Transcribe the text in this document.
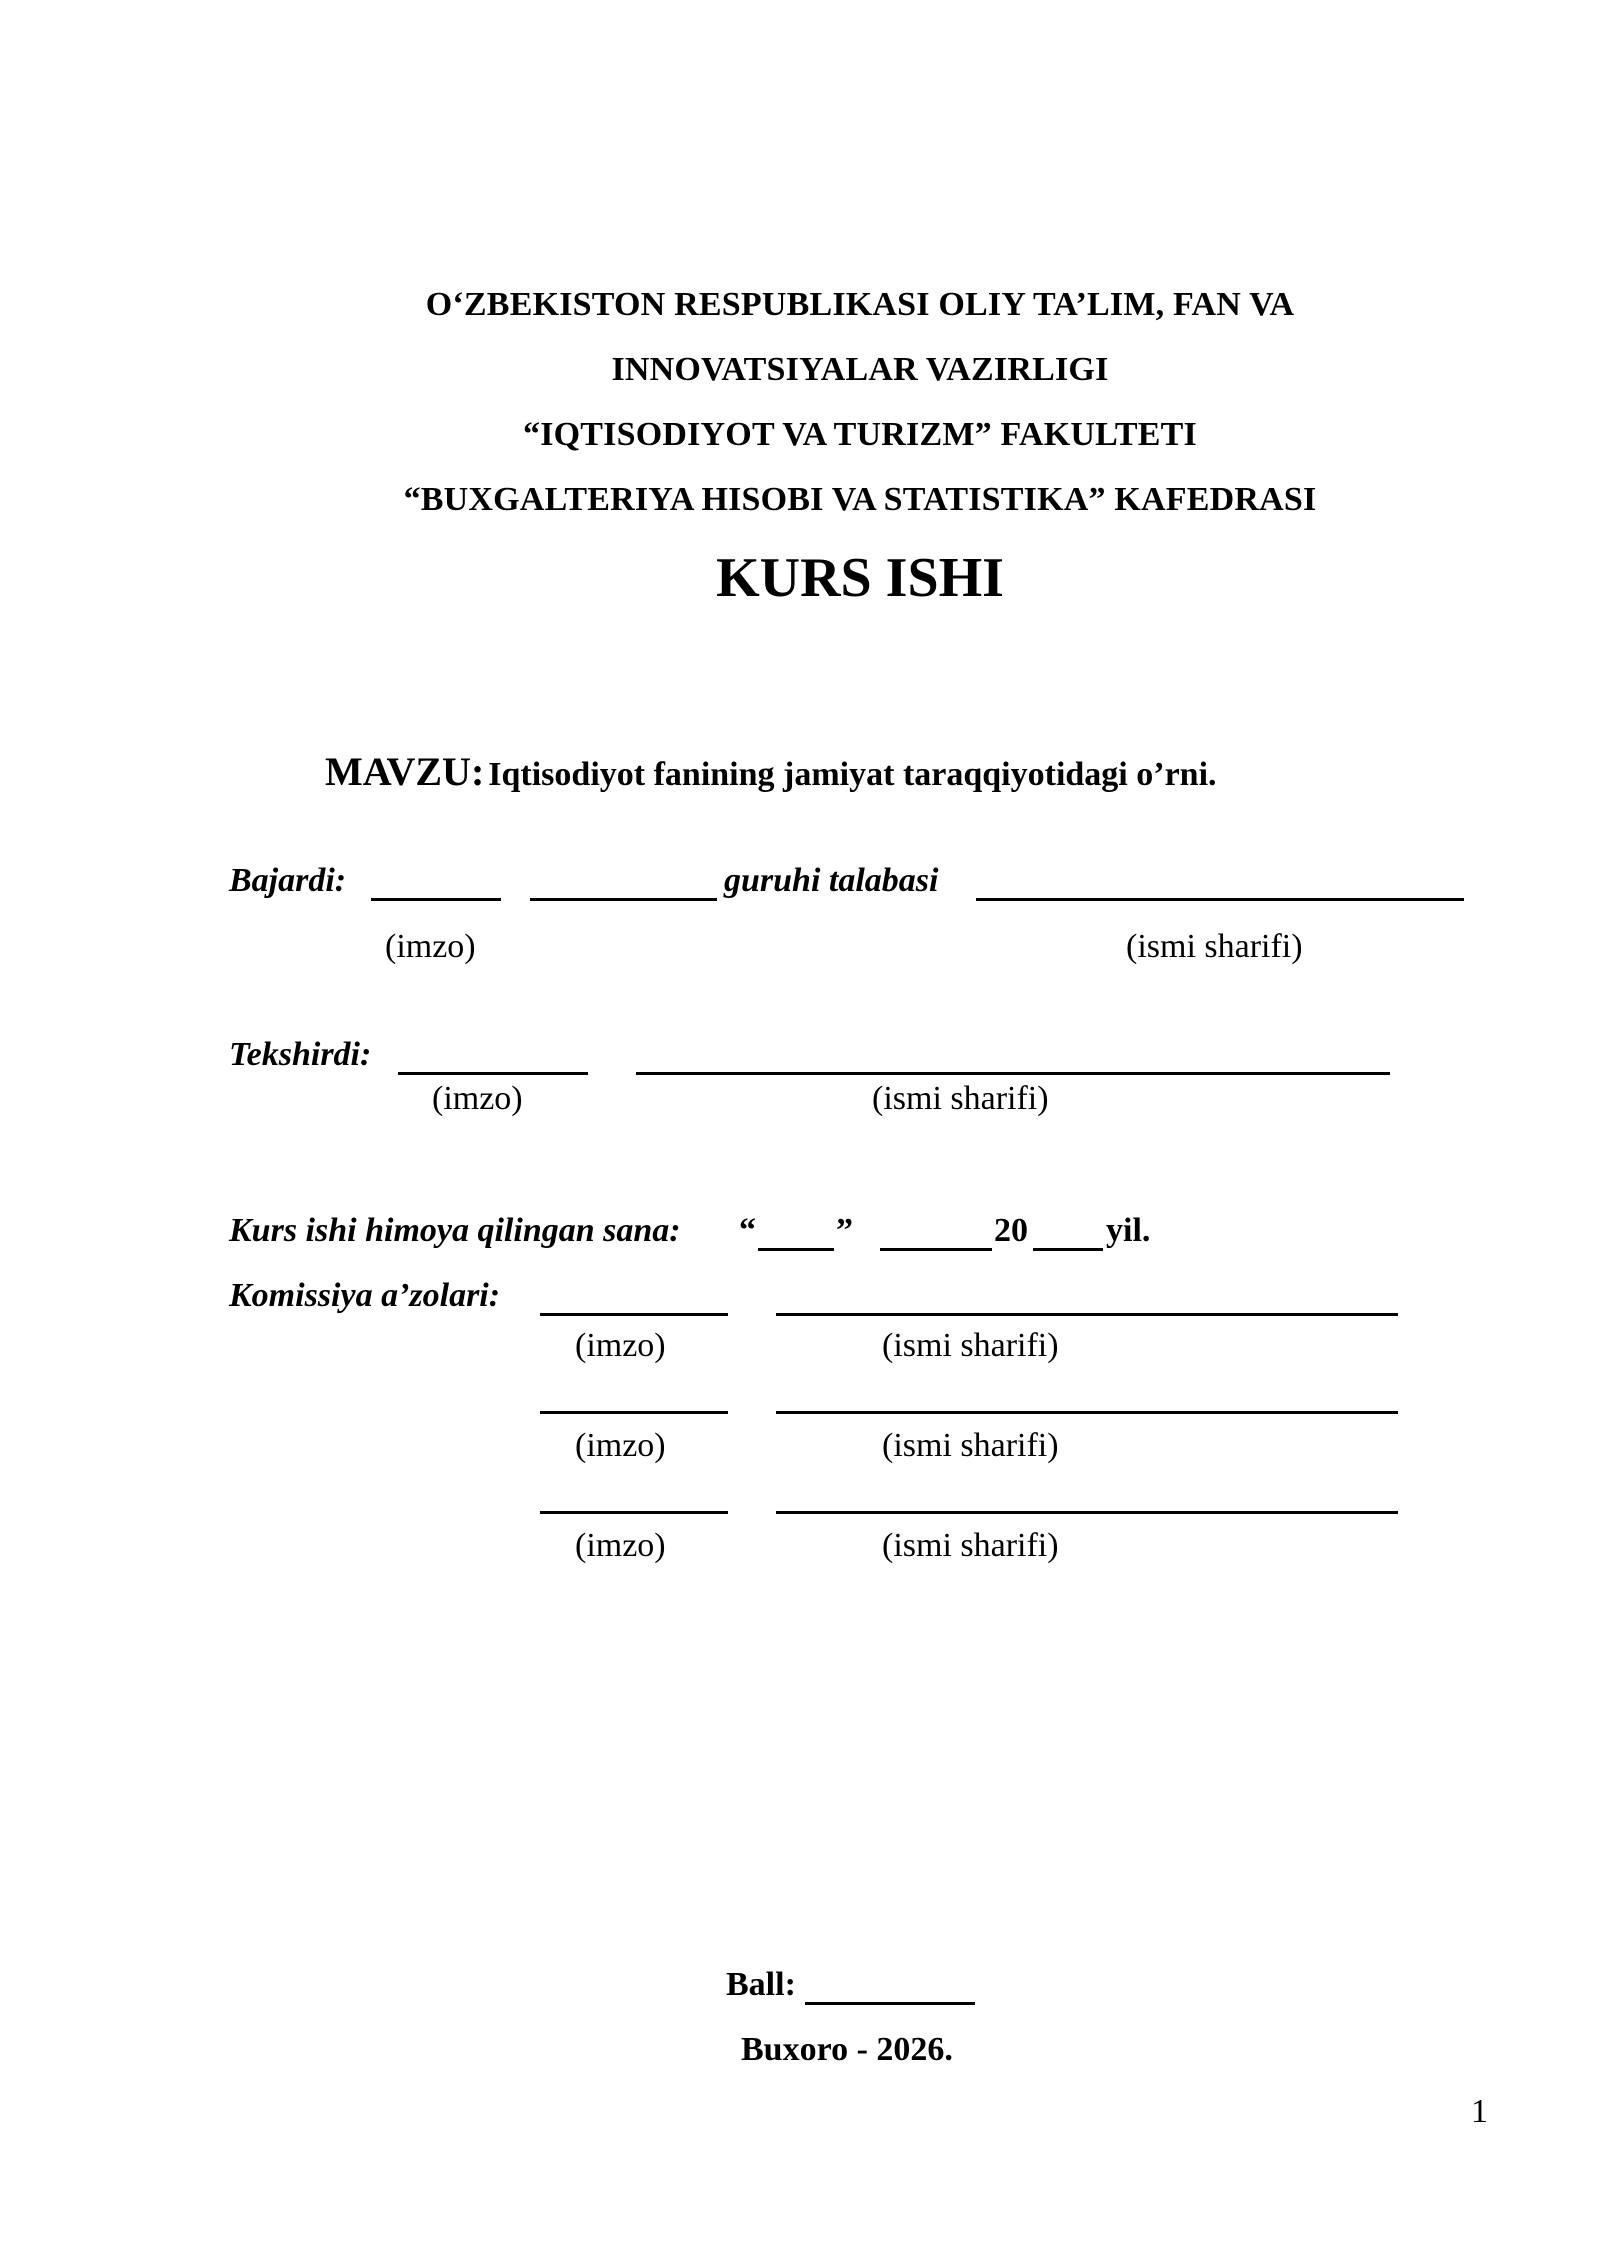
O‘ZBEKISTON RESPUBLIKASI OLIY TA’LIM, FAN VA
INNOVATSIYALAR VAZIRLIGI
“IQTISODIYOT VA TURIZM” FAKULTETI
“BUXGALTERIYA HISOBI VA STATISTIKA” KAFEDRASI
KURS ISHI
MAVZU: Iqtisodiyot fanining jamiyat taraqqiyotidagi o’rni.
Bajardi:	guruhi talabasi
(imzo)	(ismi sharifi)
Tekshirdi:
(imzo)	(ismi sharifi)
Kurs ishi himoya qilingan sana: “ ”	20 yil.
Komissiya a’zolari:
(imzo)	(ismi sharifi)
(imzo)	(ismi sharifi)
(imzo)	(ismi sharifi)
Ball:
Buxoro - 2026.
1
